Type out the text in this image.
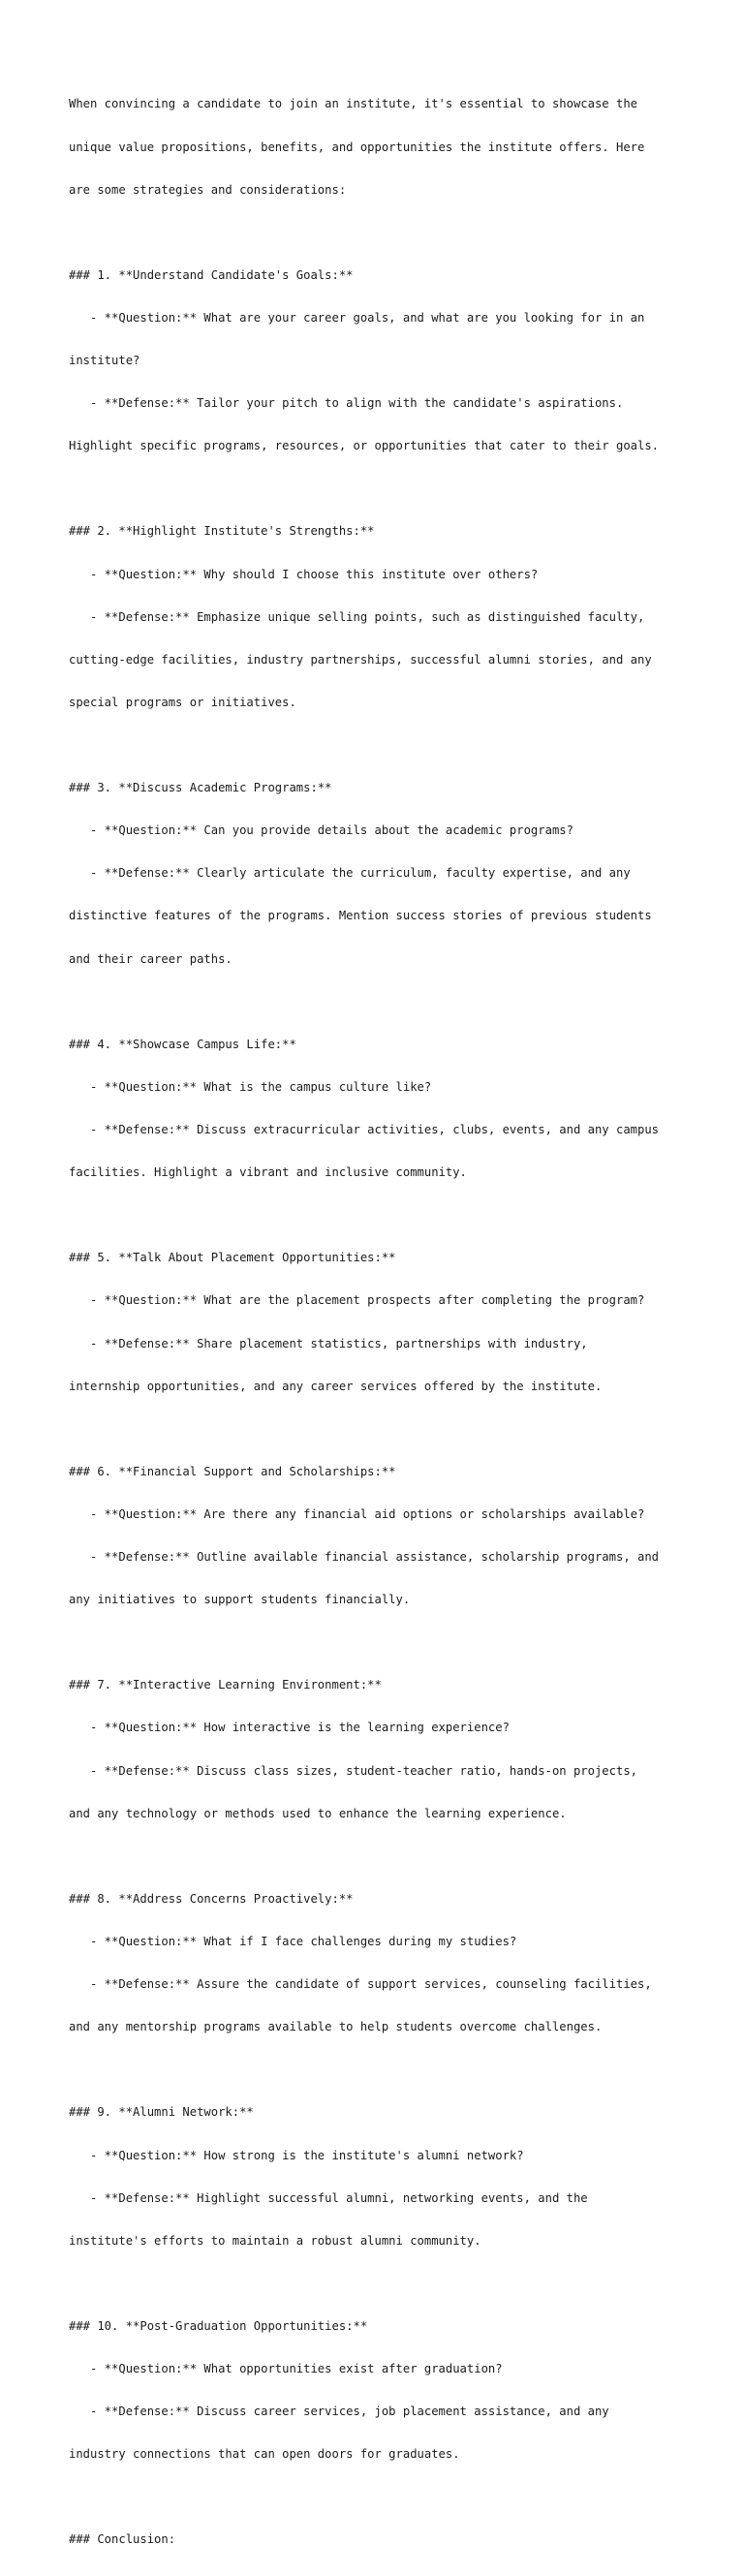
When convincing a candidate to join an institute, it's essential to showcase the

unique value propositions, benefits, and opportunities the institute offers. Here

are some strategies and considerations:

### 1. **Understand Candidate's Goals:**

- **Question:** What are your career goals, and what are you looking for in an

institute?

- **Defense:** Tailor your pitch to align with the candidate's aspirations.

Highlight specific programs, resources, or opportunities that cater to their goals.

### 2. **Highlight Institute's Strengths:**

- **Question:** Why should I choose this institute over others?

- **Defense:** Emphasize unique selling points, such as distinguished faculty,

cutting-edge facilities, industry partnerships, successful alumni stories, and any

special programs or initiatives.

### 3. **Discuss Academic Programs:**

- **Question:** Can you provide details about the academic programs?

- **Defense:** Clearly articulate the curriculum, faculty expertise, and any

distinctive features of the programs. Mention success stories of previous students

and their career paths.

### 4. **Showcase Campus Life:**

- **Question:** What is the campus culture like?

- **Defense:** Discuss extracurricular activities, clubs, events, and any campus

facilities. Highlight a vibrant and inclusive community.

### 5. **Talk About Placement Opportunities:**

- **Question:** What are the placement prospects after completing the program?

- **Defense:** Share placement statistics, partnerships with industry,

internship opportunities, and any career services offered by the institute.

### 6. **Financial Support and Scholarships:**

- **Question:** Are there any financial aid options or scholarships available?

- **Defense:** Outline available financial assistance, scholarship programs, and

any initiatives to support students financially.

### 7. **Interactive Learning Environment:**

- **Question:** How interactive is the learning experience?

- **Defense:** Discuss class sizes, student-teacher ratio, hands-on projects,

and any technology or methods used to enhance the learning experience.

### 8. **Address Concerns Proactively:**

- **Question:** What if I face challenges during my studies?

- **Defense:** Assure the candidate of support services, counseling facilities,

and any mentorship programs available to help students overcome challenges.

### 9. **Alumni Network:**

- **Question:** How strong is the institute's alumni network?

- **Defense:** Highlight successful alumni, networking events, and the

institute's efforts to maintain a robust alumni community.

### 10. **Post-Graduation Opportunities:**

- **Question:** What opportunities exist after graduation?

- **Defense:** Discuss career services, job placement assistance, and any

industry connections that can open doors for graduates.

### Conclusion:
